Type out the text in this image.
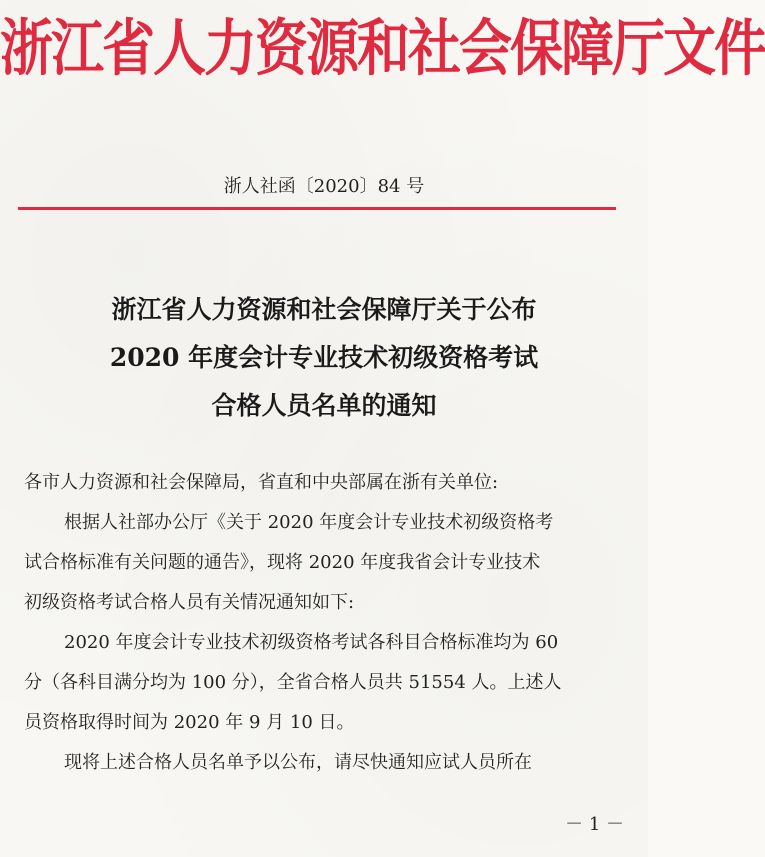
浙江省人力资源和社会保障厅文件
浙人社函〔2020〕84 号
浙江省人力资源和社会保障厅关于公布
2020 年度会计专业技术初级资格考试
合格人员名单的通知

各市人力资源和社会保障局，省直和中央部属在浙有关单位:

根据人社部办公厅《关于 2020 年度会计专业技术初级资格考

试合格标准有关问题的通告》，现将 2020 年度我省会计专业技术

初级资格考试合格人员有关情况通知如下:

2020 年度会计专业技术初级资格考试各科目合格标准均为 60

分（各科目满分均为 100 分），全省合格人员共 51554 人。上述人

员资格取得时间为 2020 年 9 月 10 日。

现将上述合格人员名单予以公布，请尽快通知应试人员所在

－ 1 －
